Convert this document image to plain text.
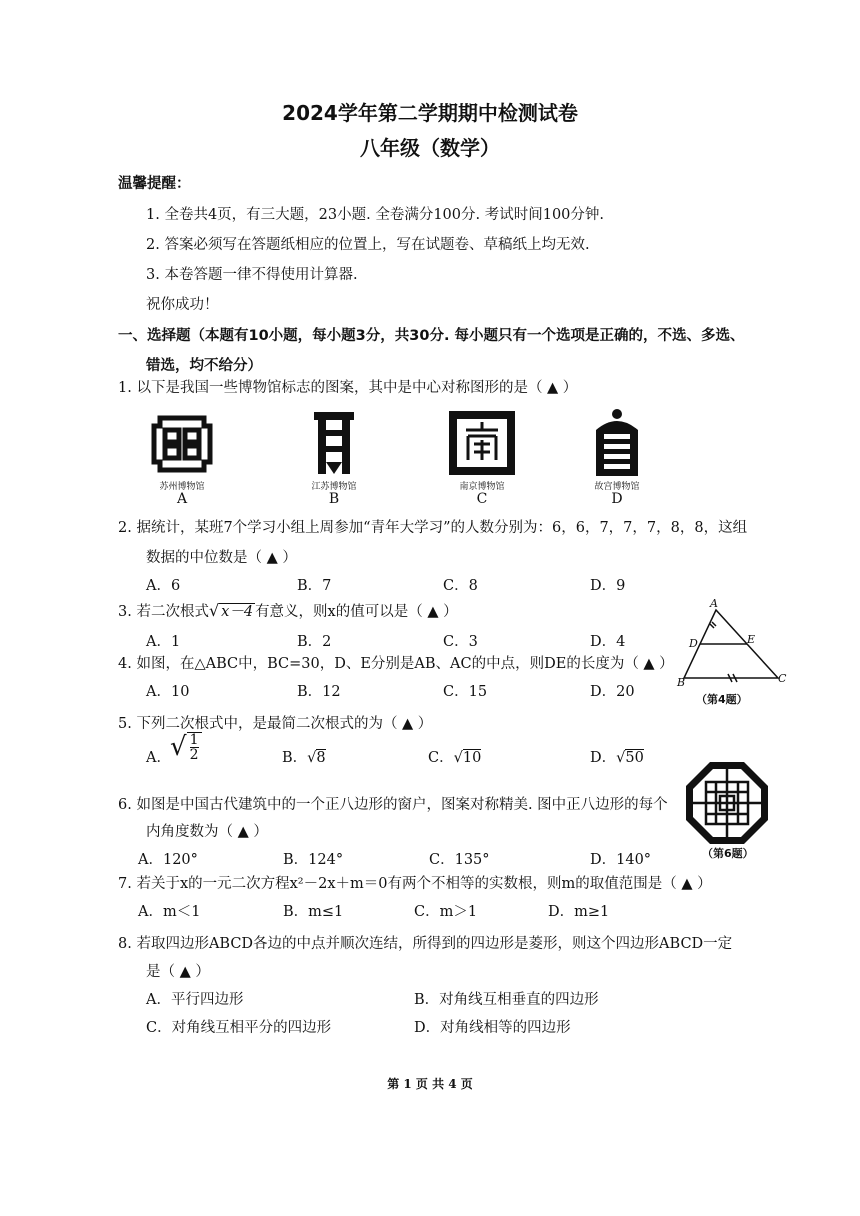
2024学年第二学期期中检测试卷
八年级（数学）
温馨提醒：
1. 全卷共4页，有三大题，23小题. 全卷满分100分. 考试时间100分钟.
2. 答案必须写在答题纸相应的位置上，写在试题卷、草稿纸上均无效.
3. 本卷答题一律不得使用计算器.
祝你成功！
一、选择题（本题有10小题，每小题3分，共30分. 每小题只有一个选项是正确的，不选、多选、
错选，均不给分）
1. 以下是我国一些博物馆标志的图案，其中是中心对称图形的是（ ▲ ）
苏州博物馆
A
江苏博物馆
B
南京博物馆
C
故宫博物馆
D
2. 据统计，某班7个学习小组上周参加“青年大学习”的人数分别为：6，6，7，7，7，8，8，这组
数据的中位数是（ ▲ ）
A．6	B．7	C．8	D．9
3. 若二次根式√ x－4 有意义，则x的值可以是（ ▲ ）
A．1	B．2	C．3	D．4
A
D	E
B	C
（第4题）
4. 如图，在△ABC中，BC=30，D、E分别是AB、AC的中点，则DE的长度为（ ▲ ）
A．10	B．12	C．15	D．20
5. 下列二次根式中，是最简二次根式的为（ ▲ ）
A． √ $\frac{1}{2}$	B．√8	C．√10	D．√50
（第6题）
6. 如图是中国古代建筑中的一个正八边形的窗户，图案对称精美. 图中正八边形的每个
内角度数为（ ▲ ）
A．120°	B．124°	C．135°	D．140°
7. 若关于x的一元二次方程x²－2x＋m＝0有两个不相等的实数根，则m的取值范围是（ ▲ ）
A．m＜1	B．m≤1	C．m＞1	D．m≥1
8. 若取四边形ABCD各边的中点并顺次连结，所得到的四边形是菱形，则这个四边形ABCD一定
是（ ▲ ）
A．平行四边形	B．对角线互相垂直的四边形
C．对角线互相平分的四边形	D．对角线相等的四边形
第 1 页 共 4 页
